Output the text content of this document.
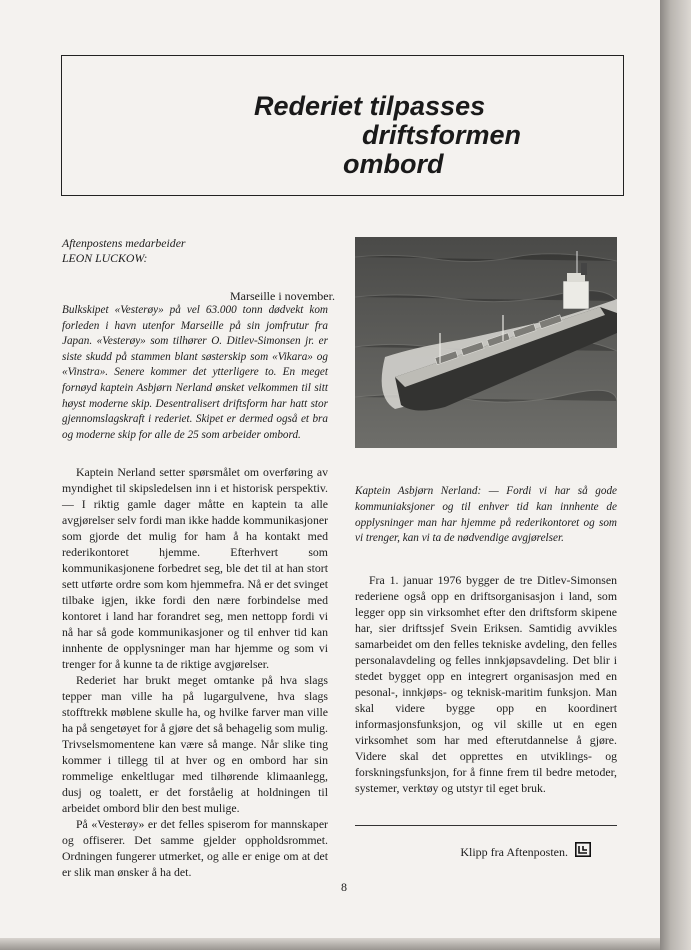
Rederiet tilpasses
driftsformen
ombord
Aftenpostens medarbeider
LEON LUCKOW:
Marseille i november.
Bulkskipet «Vesterøy» på vel 63.000 tonn dødvekt kom forleden i havn utenfor Marseille på sin jomfrutur fra Japan. «Vesterøy» som tilhører O. Ditlev-Simonsen jr. er siste skudd på stammen blant søsterskip som «Vikara» og «Vinstra». Senere kommer det ytterligere to. En meget fornøyd kaptein Asbjørn Nerland ønsket velkommen til sitt høyst moderne skip. Desentralisert driftsform har hatt stor gjennomslagskraft i rederiet. Skipet er dermed også et bra og moderne skip for alle de 25 som arbeider ombord.

Kaptein Nerland setter spørsmålet om overføring av myndighet til skipsledelsen inn i et historisk perspektiv. — I riktig gamle dager måtte en kaptein ta alle avgjørelser selv fordi man ikke hadde kommunikasjoner som gjorde det mulig for ham å ha kontakt med rederikontoret hjemme. Efterhvert som kommunikasjonene forbedret seg, ble det til at han stort sett utførte ordre som kom hjemmefra. Nå er det svinget tilbake igjen, ikke fordi den nære forbindelse med kontoret i land har forandret seg, men nettopp fordi vi nå har så gode kommunikasjoner og til enhver tid kan innhente de opplysninger man har hjemme og som vi trenger for å kunne ta de riktige avgjørelser.

Rederiet har brukt meget omtanke på hva slags tepper man ville ha på lugargulvene, hva slags stofftrekk møblene skulle ha, og hvilke farver man ville ha på sengetøyet for å gjøre det så behagelig som mulig. Trivselsmomentene kan være så mange. Når slike ting kommer i tillegg til at hver og en ombord har sin rommelige enkeltlugar med tilhørende klimaanlegg, dusj og toalett, er det forståelig at holdningen til arbeidet ombord blir den best mulige.

På «Vesterøy» er det felles spiserom for mannskaper og offiserer. Det samme gjelder oppholdsrommet. Ordningen fungerer utmerket, og alle er enige om at det er slik man ønsker å ha det.

Kaptein Asbjørn Nerland: — Fordi vi har så gode kommuniaksjoner og til enhver tid kan innhente de opplysninger man har hjemme på rederikontoret og som vi trenger, kan vi ta de nødvendige avgjørelser.

Fra 1. januar 1976 bygger de tre Ditlev-Simonsen rederiene også opp en driftsorganisasjon i land, som legger opp sin virksomhet efter den driftsform skipene har, sier driftssjef Svein Eriksen. Samtidig avvikles samarbeidet om den felles tekniske avdeling, den felles personalavdeling og felles innkjøpsavdeling. Det blir i stedet bygget opp en integrert organisasjon med en pesonal-, innkjøps- og teknisk-maritim funksjon. Man skal videre bygge opp en koordinert informasjonsfunksjon, og vil skille ut en egen virksomhet som har med efterutdannelse å gjøre. Videre skal det opprettes en utviklings- og forskningsfunksjon, for å finne frem til bedre metoder, systemer, verktøy og utstyr til eget bruk.

Klipp fra Aftenposten.
8
